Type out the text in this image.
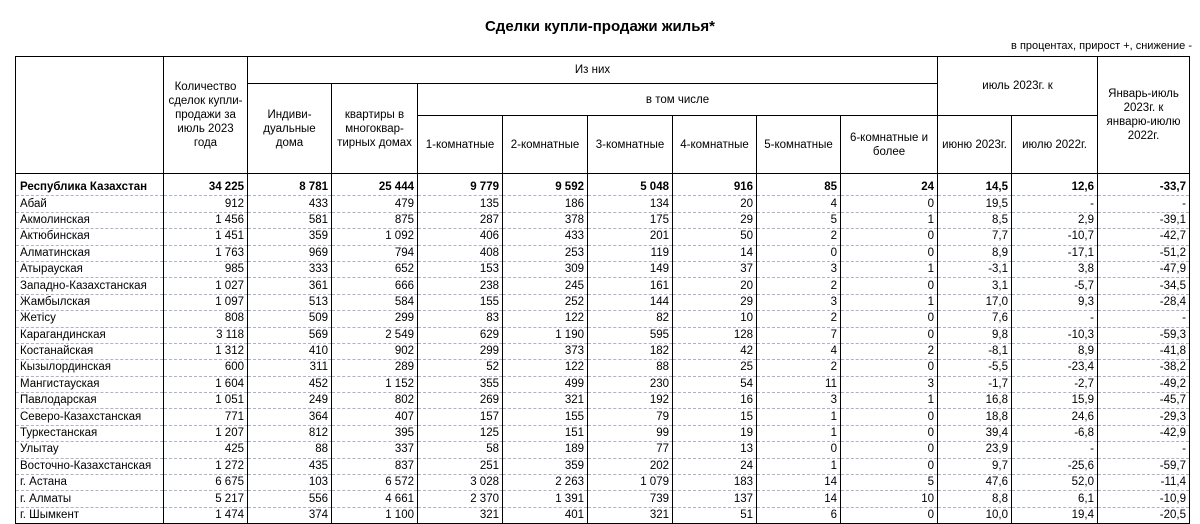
Сделки купли-продажи жилья*
в процентах, прирост +, снижение -
	Количество сделок купли-продажи за июль 2023 года	Из них								июль 2023г. к		Январь-июль 2023г. к январю-июлю 2022г.
		Индиви-дуальные дома	квартиры в многоквар-тирных домах	в том числе								
				1-комнатные	2-комнатные	3-комнатные	4-комнатные	5-комнатные	6-комнатные и более	июню 2023г.	июлю 2022г.	

Республика Казахстан	34 225	8 781	25 444	9 779	9 592	5 048	916	85	24	14,5	12,6	-33,7
Абай	912	433	479	135	186	134	20	4	0	19,5	-	-
Акмолинская	1 456	581	875	287	378	175	29	5	1	8,5	2,9	-39,1
Актюбинская	1 451	359	1 092	406	433	201	50	2	0	7,7	-10,7	-42,7
Алматинская	1 763	969	794	408	253	119	14	0	0	8,9	-17,1	-51,2
Атырауская	985	333	652	153	309	149	37	3	1	-3,1	3,8	-47,9
Западно-Казахстанская	1 027	361	666	238	245	161	20	2	0	3,1	-5,7	-34,5
Жамбылская	1 097	513	584	155	252	144	29	3	1	17,0	9,3	-28,4
Жетісу	808	509	299	83	122	82	10	2	0	7,6	-	-
Карагандинская	3 118	569	2 549	629	1 190	595	128	7	0	9,8	-10,3	-59,3
Костанайская	1 312	410	902	299	373	182	42	4	2	-8,1	8,9	-41,8
Кызылординская	600	311	289	52	122	88	25	2	0	-5,5	-23,4	-38,2
Мангистауская	1 604	452	1 152	355	499	230	54	11	3	-1,7	-2,7	-49,2
Павлодарская	1 051	249	802	269	321	192	16	3	1	16,8	15,9	-45,7
Северо-Казахстанская	771	364	407	157	155	79	15	1	0	18,8	24,6	-29,3
Туркестанская	1 207	812	395	125	151	99	19	1	0	39,4	-6,8	-42,9
Улытау	425	88	337	58	189	77	13	0	0	23,9	-	-
Восточно-Казахстанская	1 272	435	837	251	359	202	24	1	0	9,7	-25,6	-59,7
г. Астана	6 675	103	6 572	3 028	2 263	1 079	183	14	5	47,6	52,0	-11,4
г. Алматы	5 217	556	4 661	2 370	1 391	739	137	14	10	8,8	6,1	-10,9
г. Шымкент	1 474	374	1 100	321	401	321	51	6	0	10,0	19,4	-20,5
